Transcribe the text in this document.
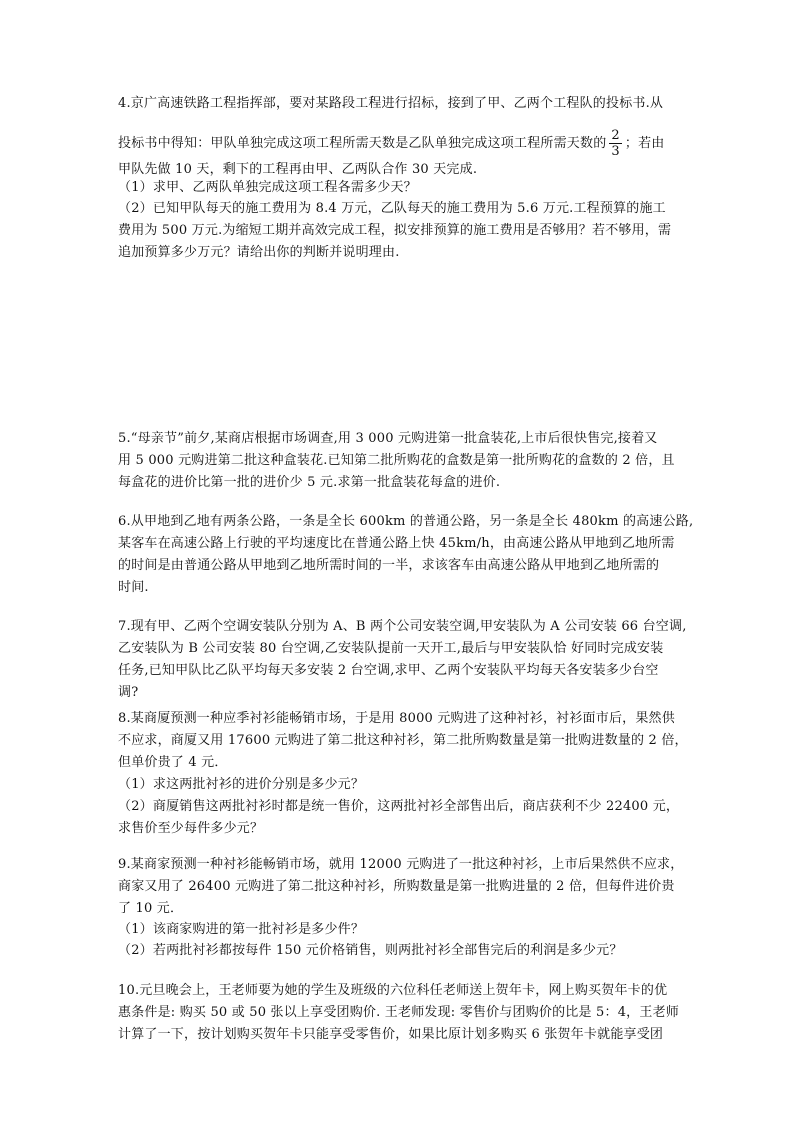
4.京广高速铁路工程指挥部，要对某路段工程进行招标，接到了甲、乙两个工程队的投标书.从
投标书中得知：甲队单独完成这项工程所需天数是乙队单独完成这项工程所需天数的 $\frac{2}{3}$ ；若由
甲队先做 10 天，剩下的工程再由甲、乙两队合作 30 天完成.
（1）求甲、乙两队单独完成这项工程各需多少天？
（2）已知甲队每天的施工费用为 8.4 万元，乙队每天的施工费用为 5.6 万元.工程预算的施工
费用为 500 万元.为缩短工期并高效完成工程，拟安排预算的施工费用是否够用？若不够用，需
追加预算多少万元？请给出你的判断并说明理由.
5.“母亲节”前夕,某商店根据市场调查,用 3 000 元购进第一批盒装花,上市后很快售完,接着又
用 5 000 元购进第二批这种盒装花.已知第二批所购花的盒数是第一批所购花的盒数的 2 倍，且
每盒花的进价比第一批的进价少 5 元.求第一批盒装花每盒的进价.
6.从甲地到乙地有两条公路，一条是全长 600km 的普通公路，另一条是全长 480km 的高速公路,
某客车在高速公路上行驶的平均速度比在普通公路上快 45km/h，由高速公路从甲地到乙地所需
的时间是由普通公路从甲地到乙地所需时间的一半，求该客车由高速公路从甲地到乙地所需的
时间.
7.现有甲、乙两个空调安装队分别为 A、B 两个公司安装空调,甲安装队为 A 公司安装 66 台空调,
乙安装队为 B 公司安装 80 台空调,乙安装队提前一天开工,最后与甲安装队恰 好同时完成安装
任务,已知甲队比乙队平均每天多安装 2 台空调,求甲、乙两个安装队平均每天各安装多少台空
调?
8.某商厦预测一种应季衬衫能畅销市场，于是用 8000 元购进了这种衬衫，衬衫面市后，果然供
不应求，商厦又用 17600 元购进了第二批这种衬衫，第二批所购数量是第一批购进数量的 2 倍，
但单价贵了 4 元．
（1）求这两批衬衫的进价分别是多少元？
（2）商厦销售这两批衬衫时都是统一售价，这两批衬衫全部售出后，商店获利不少 22400 元，
求售价至少每件多少元？
9.某商家预测一种衬衫能畅销市场，就用 12000 元购进了一批这种衬衫，上市后果然供不应求，
商家又用了 26400 元购进了第二批这种衬衫，所购数量是第一批购进量的 2 倍，但每件进价贵
了 10 元．
（1）该商家购进的第一批衬衫是多少件？
（2）若两批衬衫都按每件 150 元价格销售，则两批衬衫全部售完后的利润是多少元？
10.元旦晚会上，王老师要为她的学生及班级的六位科任老师送上贺年卡，网上购买贺年卡的优
惠条件是: 购买 50 或 50 张以上享受团购价. 王老师发现: 零售价与团购价的比是 5：4，王老师
计算了一下，按计划购买贺年卡只能享受零售价，如果比原计划多购买 6 张贺年卡就能享受团
